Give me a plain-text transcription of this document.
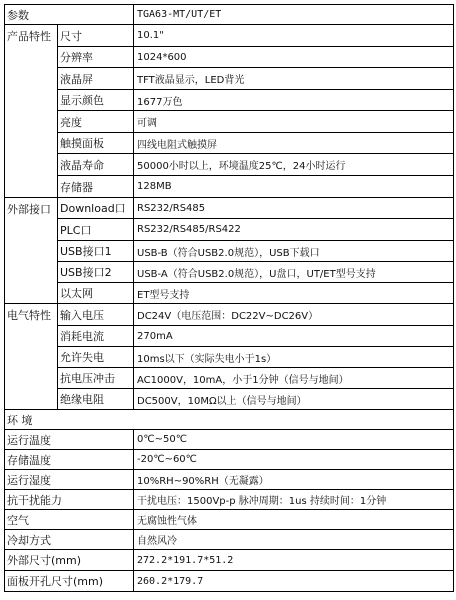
参数	TGA63-MT/UT/ET
产品特性 尺寸	10.1"
分辨率	1024*600
液晶屏	TFT液晶显示，LED背光
显示颜色	1677万色
亮度	可调
触摸面板	四线电阻式触摸屏
液晶寿命	50000小时以上，环境温度25℃，24小时运行
存储器	128MB
外部接口 Download口	RS232/RS485
PLC口	RS232/RS485/RS422
USB接口1	USB-B（符合USB2.0规范），USB下载口
USB接口2	USB-A（符合USB2.0规范），U盘口，UT/ET型号支持
以太网	ET型号支持
电气特性 输入电压	DC24V（电压范围：DC22V~DC26V）
消耗电流	270mA
允许失电	10ms以下（实际失电小于1s）
抗电压冲击	AC1000V，10mA，小于1分钟（信号与地间）
绝缘电阻	DC500V，10MΩ以上（信号与地间）
环 境
运行温度	0℃~50℃
存储温度	-20℃~60℃
运行湿度	10%RH~90%RH（无凝露）
抗干扰能力	干扰电压：1500Vp-p 脉冲周期：1us 持续时间：1分钟
空气	无腐蚀性气体
冷却方式	自然风冷
外部尺寸(mm)	272.2*191.7*51.2
面板开孔尺寸(mm)	260.2*179.7
